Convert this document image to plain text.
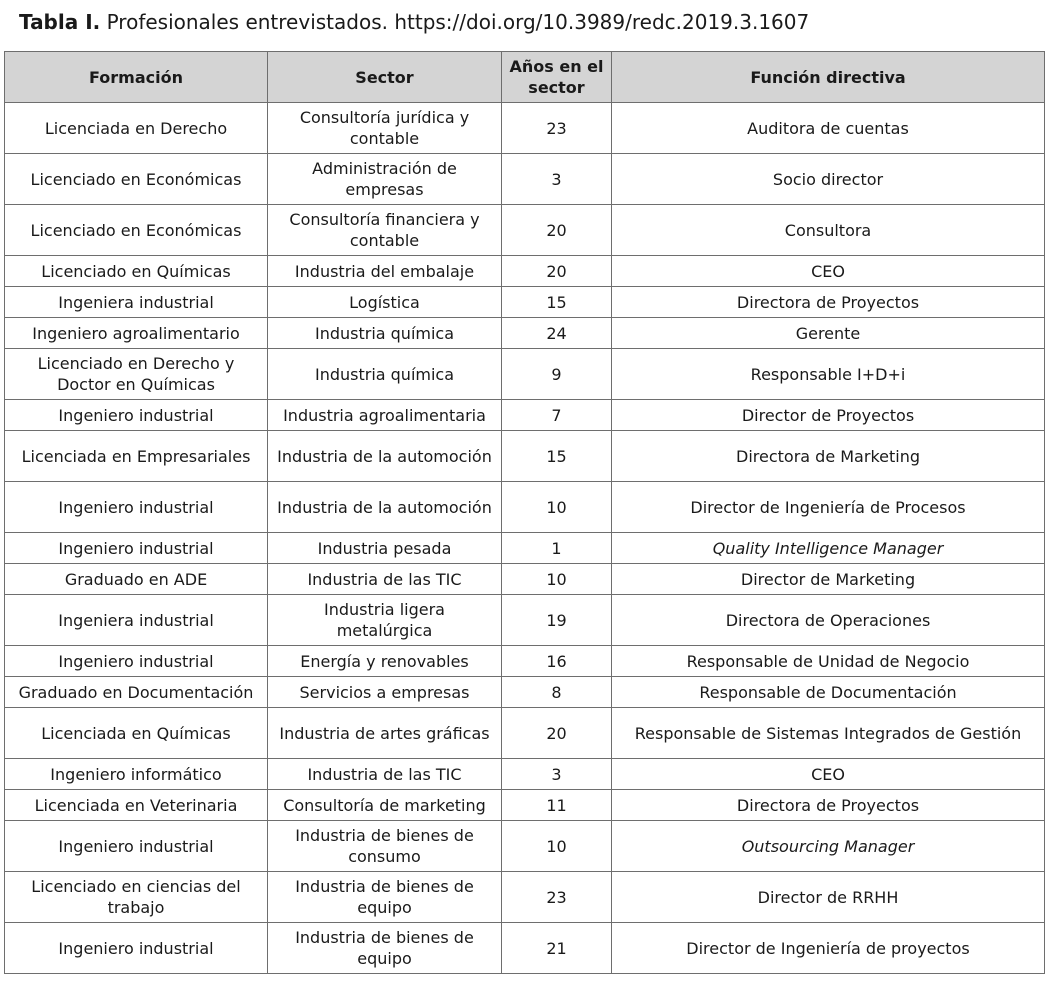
Tabla I. Profesionales entrevistados. https://doi.org/10.3989/redc.2019.3.1607
Formación	Sector	Años en el sector	Función directiva
Licenciada en Derecho	Consultoría jurídica y contable	23	Auditora de cuentas
Licenciado en Económicas	Administración de empresas	3	Socio director
Licenciado en Económicas	Consultoría financiera y contable	20	Consultora
Licenciado en Químicas	Industria del embalaje	20	CEO
Ingeniera industrial	Logística	15	Directora de Proyectos
Ingeniero agroalimentario	Industria química	24	Gerente
Licenciado en Derecho y Doctor en Químicas	Industria química	9	Responsable I+D+i
Ingeniero industrial	Industria agroalimentaria	7	Director de Proyectos
Licenciada en Empresariales	Industria de la automoción	15	Directora de Marketing
Ingeniero industrial	Industria de la automoción	10	Director de Ingeniería de Procesos
Ingeniero industrial	Industria pesada	1	Quality Intelligence Manager
Graduado en ADE	Industria de las TIC	10	Director de Marketing
Ingeniera industrial	Industria ligera metalúrgica	19	Directora de Operaciones
Ingeniero industrial	Energía y renovables	16	Responsable de Unidad de Negocio
Graduado en Documentación	Servicios a empresas	8	Responsable de Documentación
Licenciada en Químicas	Industria de artes gráficas	20	Responsable de Sistemas Integrados de Gestión
Ingeniero informático	Industria de las TIC	3	CEO
Licenciada en Veterinaria	Consultoría de marketing	11	Directora de Proyectos
Ingeniero industrial	Industria de bienes de consumo	10	Outsourcing Manager
Licenciado en ciencias del trabajo	Industria de bienes de equipo	23	Director de RRHH
Ingeniero industrial	Industria de bienes de equipo	21	Director de Ingeniería de proyectos
